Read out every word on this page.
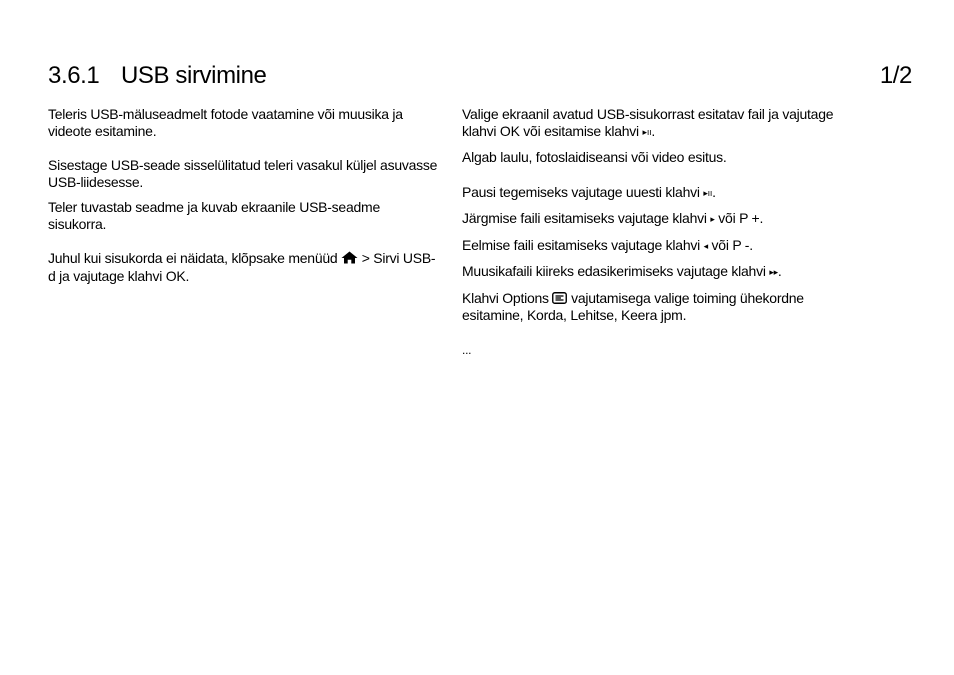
3.6.1 USB sirvimine	1/2

Teleris USB-mäluseadmelt fotode vaatamine või muusika ja videote esitamine.

Sisestage USB-seade sisselülitatud teleri vasakul küljel asuvasse USB-liidesesse.

Teler tuvastab seadme ja kuvab ekraanile USB-seadme sisukorra.

Juhul kui sisukorda ei näidata, klõpsake menüüd > Sirvi USB-d ja vajutage klahvi OK.

Valige ekraanil avatud USB-sisukorrast esitatav fail ja vajutage klahvi OK või esitamise klahvi ▸ıı.

Algab laulu, fotoslaidiseansi või video esitus.

Pausi tegemiseks vajutage uuesti klahvi ▸ıı.

Järgmise faili esitamiseks vajutage klahvi ▸ või P +.

Eelmise faili esitamiseks vajutage klahvi ◂ või P -.

Muusikafaili kiireks edasikerimiseks vajutage klahvi ▸▸.

Klahvi Options vajutamisega valige toiming ühekordne esitamine, Korda, Lehitse, Keera jpm.

...
